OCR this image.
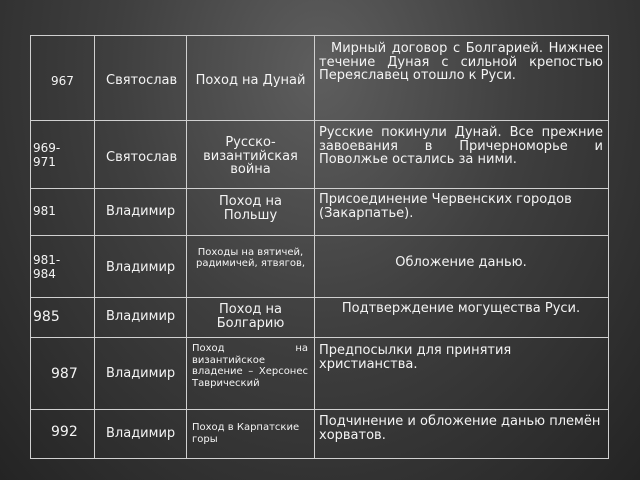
967	Святослав	Поход на Дунай	Мирный договор с Болгарией. Нижнее течение Дуная с сильной крепостью Переяславец отошло к Руси.

969-971	Святослав	Русско-византийская война	Русские покинули Дунай. Все прежние завоевания в Причерноморье и Поволжье остались за ними.

981	Владимир	Поход на Польшу	Присоединение Червенских городов (Закарпатье).

981-984	Владимир	Походы на вятичей, радимичей, ятвягов,	Обложение данью.

985	Владимир	Поход на Болгарию	Подтверждение могущества Руси.

987	Владимир	Поход на византийское владение – Херсонес Таврический	Предпосылки для принятия христианства.

992	Владимир	Поход в Карпатские горы	Подчинение и обложение данью племён хорватов.
